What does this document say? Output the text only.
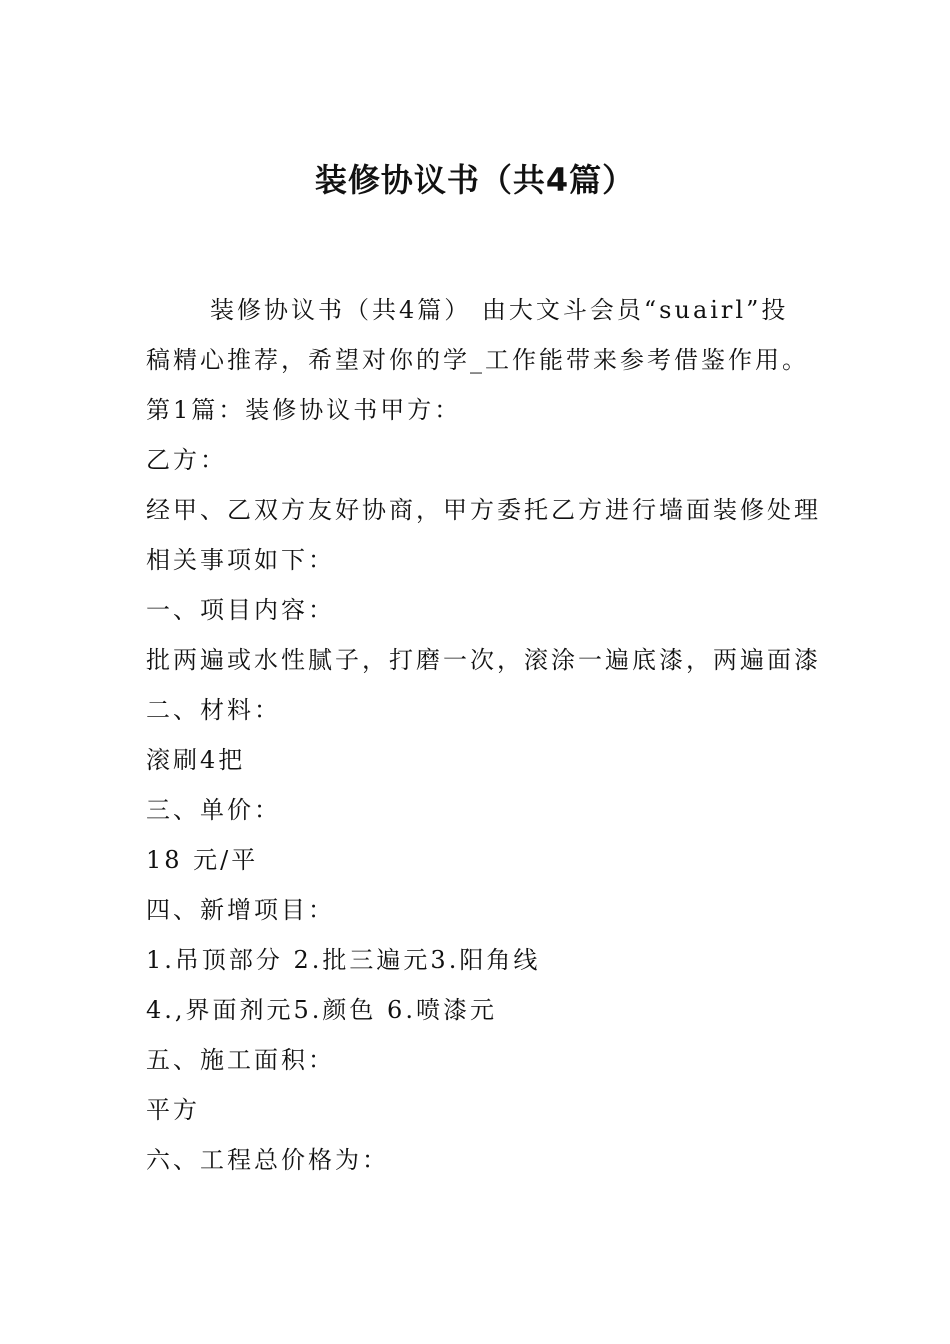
装修协议书（共4篇）

装修协议书（共4篇） 由大文斗会员“suairl”投

稿精心推荐，希望对你的学_工作能带来参考借鉴作用。

第1篇：装修协议书甲方：

乙方：

经甲、乙双方友好协商，甲方委托乙方进行墙面装修处理

相关事项如下：

一、项目内容：

批两遍或水性腻子，打磨一次，滚涂一遍底漆，两遍面漆

二、材料：

滚刷4把

三、单价：

18 元/平

四、新增项目：

1.吊顶部分 2.批三遍元3.阳角线

4.,界面剂元5.颜色 6.喷漆元

五、施工面积：

平方

六、工程总价格为：
